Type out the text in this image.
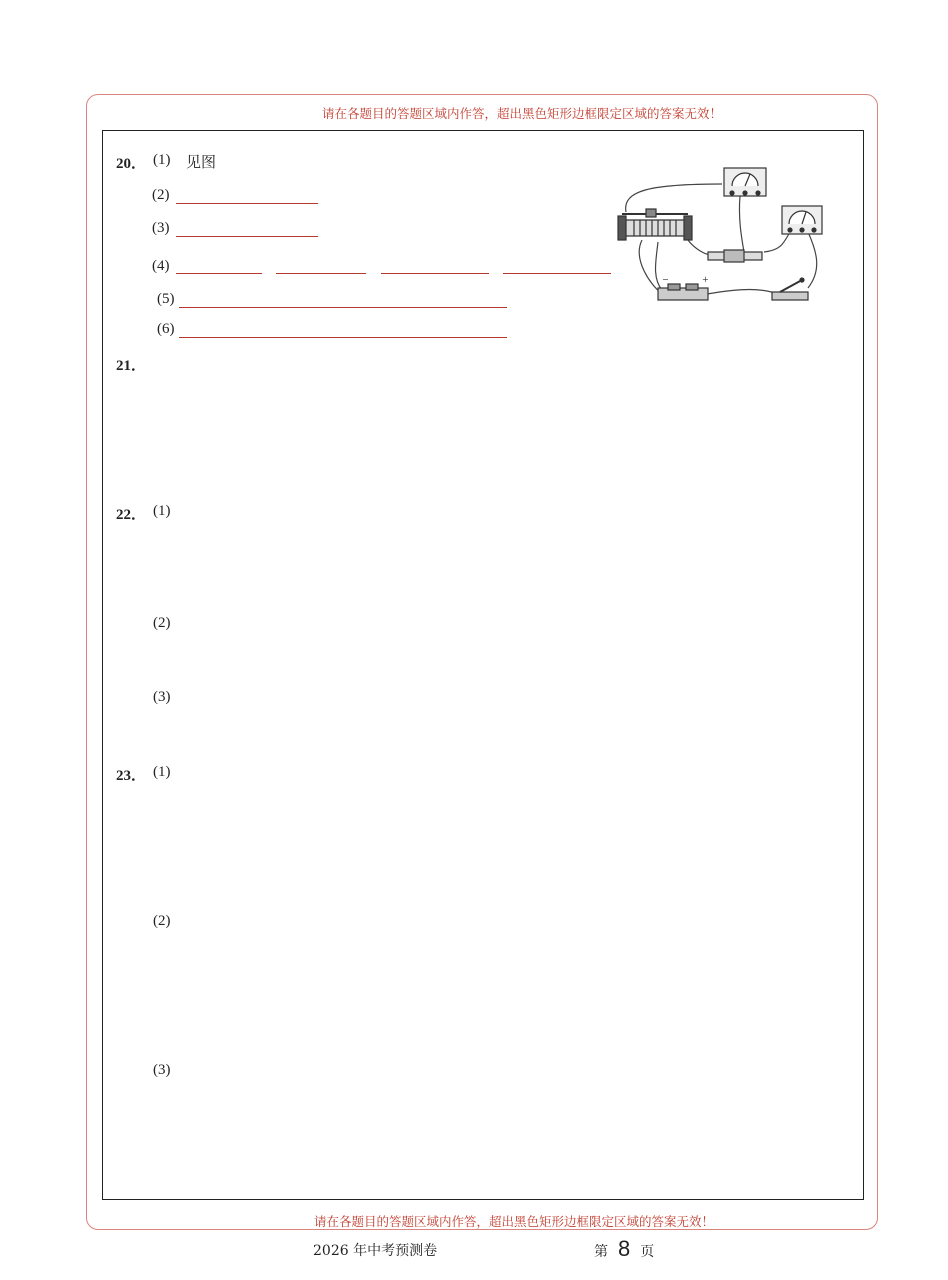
请在各题目的答题区域内作答，超出黑色矩形边框限定区域的答案无效！
20． (1) 见图
(2)
(3)
(4)
(5)
(6)
−	+
21．
22． (1)
(2)
(3)
23． (1)
(2)
(3)
请在各题目的答题区域内作答，超出黑色矩形边框限定区域的答案无效！
2026 年中考预测卷	第 8 页
